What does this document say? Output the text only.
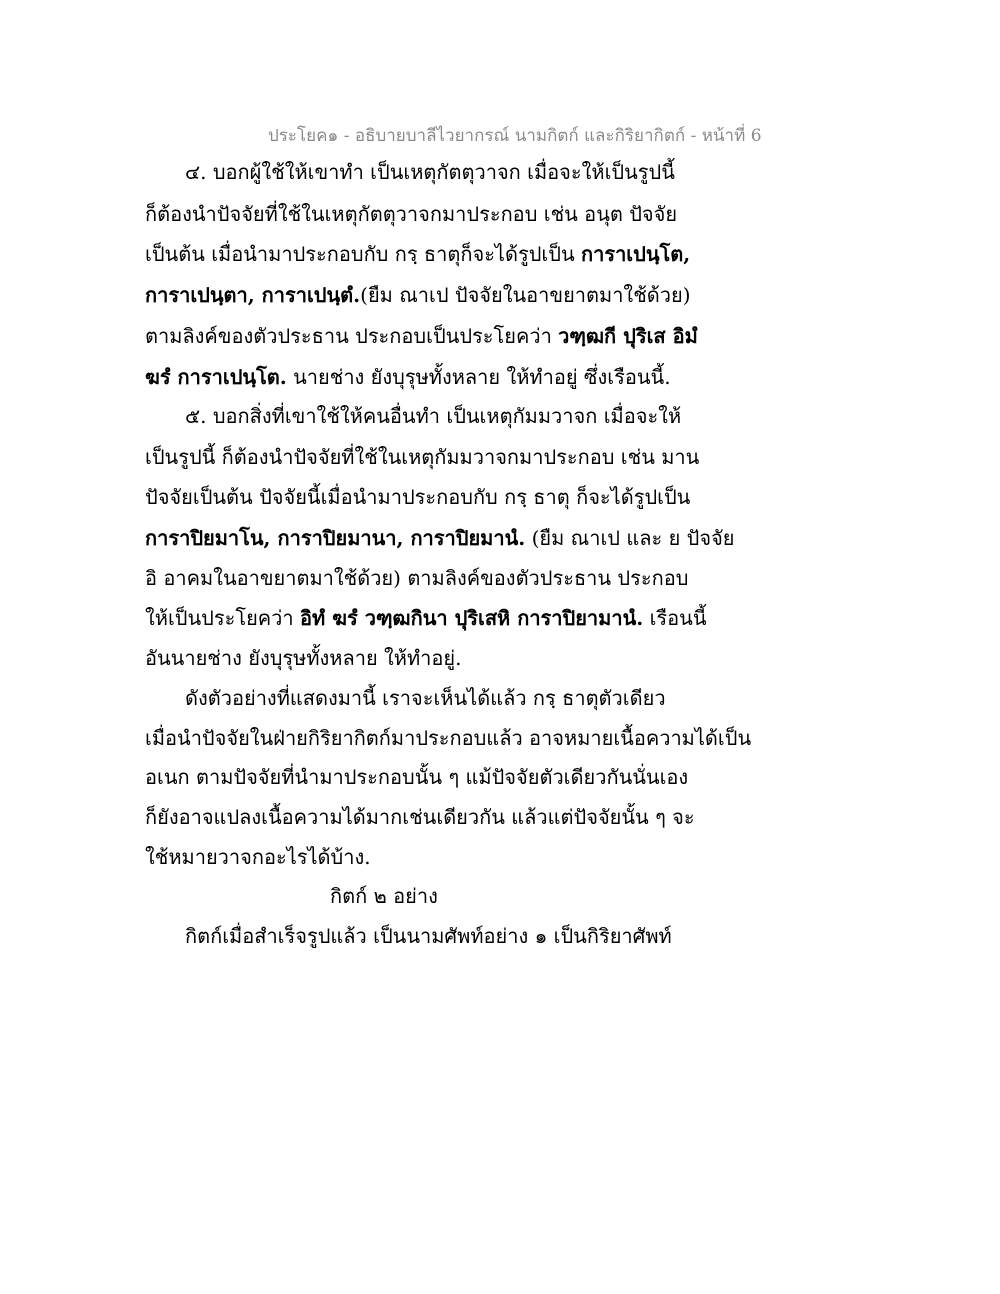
ประโยค๑ - อธิบายบาลีไวยากรณ์ นามกิตก์ และกิริยากิตก์ - หน้าที่ 6
๔. บอกผู้ใช้ให้เขาทำ เป็นเหตุกัตตุวาจก เมื่อจะให้เป็นรูปนี้
ก็ต้องนำปัจจัยที่ใช้ในเหตุกัตตุวาจกมาประกอบ เช่น อนุต ปัจจัย
เป็นต้น เมื่อนำมาประกอบกับ กรฺ ธาตุก็จะได้รูปเป็น การาเปนฺโต,
การาเปนฺตา, การาเปนฺตํ.(ยืม ณาเป ปัจจัยในอาขยาตมาใช้ด้วย)
ตามลิงค์ของตัวประธาน ประกอบเป็นประโยคว่า วฑฺฒกี ปุริเส อิมํ
ฆรํ การาเปนฺโต. นายช่าง ยังบุรุษทั้งหลาย ให้ทำอยู่ ซึ่งเรือนนี้.
๕. บอกสิ่งที่เขาใช้ให้คนอื่นทำ เป็นเหตุกัมมวาจก เมื่อจะให้
เป็นรูปนี้ ก็ต้องนำปัจจัยที่ใช้ในเหตุกัมมวาจกมาประกอบ เช่น มาน
ปัจจัยเป็นต้น ปัจจัยนี้เมื่อนำมาประกอบกับ กรฺ ธาตุ ก็จะได้รูปเป็น
การาปิยมาโน, การาปิยมานา, การาปิยมานํ. (ยืม ณาเป และ ย ปัจจัย
อิ อาคมในอาขยาตมาใช้ด้วย) ตามลิงค์ของตัวประธาน ประกอบ
ให้เป็นประโยคว่า อิทํ ฆรํ วฑฺฒกินา ปุริเสหิ การาปิยามานํ. เรือนนี้
อันนายช่าง ยังบุรุษทั้งหลาย ให้ทำอยู่.
ดังตัวอย่างที่แสดงมานี้ เราจะเห็นได้แล้ว กรฺ ธาตุตัวเดียว
เมื่อนำปัจจัยในฝ่ายกิริยากิตก์มาประกอบแล้ว อาจหมายเนื้อความได้เป็น
อเนก ตามปัจจัยที่นำมาประกอบนั้น ๆ แม้ปัจจัยตัวเดียวกันนั่นเอง
ก็ยังอาจแปลงเนื้อความได้มากเช่นเดียวกัน แล้วแต่ปัจจัยนั้น ๆ จะ
ใช้หมายวาจกอะไรได้บ้าง.
กิตก์ ๒ อย่าง
กิตก์เมื่อสำเร็จรูปแล้ว เป็นนามศัพท์อย่าง ๑ เป็นกิริยาศัพท์
